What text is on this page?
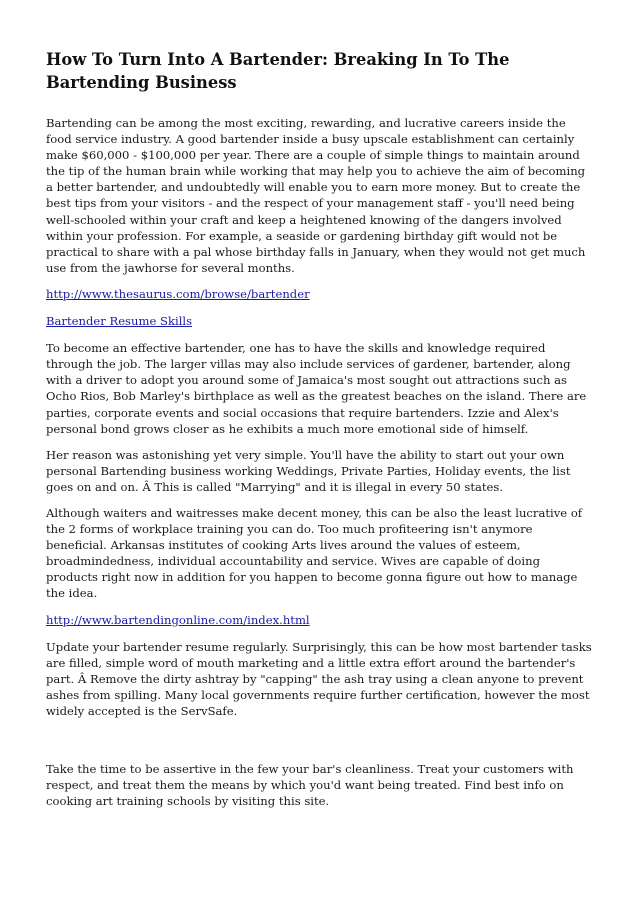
How To Turn Into A Bartender: Breaking In To The Bartending Business

Bartending can be among the most exciting, rewarding, and lucrative careers inside the food service industry. A good bartender inside a busy upscale establishment can certainly make $60,000 - $100,000 per year. There are a couple of simple things to maintain around the tip of the human brain while working that may help you to achieve the aim of becoming a better bartender, and undoubtedly will enable you to earn more money. But to create the best tips from your visitors - and the respect of your management staff - you'll need being well-schooled within your craft and keep a heightened knowing of the dangers involved within your profession. For example, a seaside or gardening birthday gift would not be practical to share with a pal whose birthday falls in January, when they would not get much use from the jawhorse for several months.

http://www.thesaurus.com/browse/bartender
Bartender Resume Skills

To become an effective bartender, one has to have the skills and knowledge required through the job. The larger villas may also include services of gardener, bartender, along with a driver to adopt you around some of Jamaica's most sought out attractions such as Ocho Rios, Bob Marley's birthplace as well as the greatest beaches on the island. There are parties, corporate events and social occasions that require bartenders. Izzie and Alex's personal bond grows closer as he exhibits a much more emotional side of himself.

Her reason was astonishing yet very simple. You'll have the ability to start out your own personal Bartending business working Weddings, Private Parties, Holiday events, the list goes on and on. Â This is called "Marrying" and it is illegal in every 50 states.

Although waiters and waitresses make decent money, this can be also the least lucrative of the 2 forms of workplace training you can do. Too much profiteering isn't anymore beneficial. Arkansas institutes of cooking Arts lives around the values of esteem, broadmindedness, individual accountability and service. Wives are capable of doing products right now in addition for you happen to become gonna figure out how to manage the idea.

http://www.bartendingonline.com/index.html

Update your bartender resume regularly. Surprisingly, this can be how most bartender tasks are filled, simple word of mouth marketing and a little extra effort around the bartender's part. Â Remove the dirty ashtray by "capping" the ash tray using a clean anyone to prevent ashes from spilling. Many local governments require further certification, however the most widely accepted is the ServSafe.

Take the time to be assertive in the few your bar's cleanliness. Treat your customers with respect, and treat them the means by which you'd want being treated. Find best info on cooking art training schools by visiting this site.
